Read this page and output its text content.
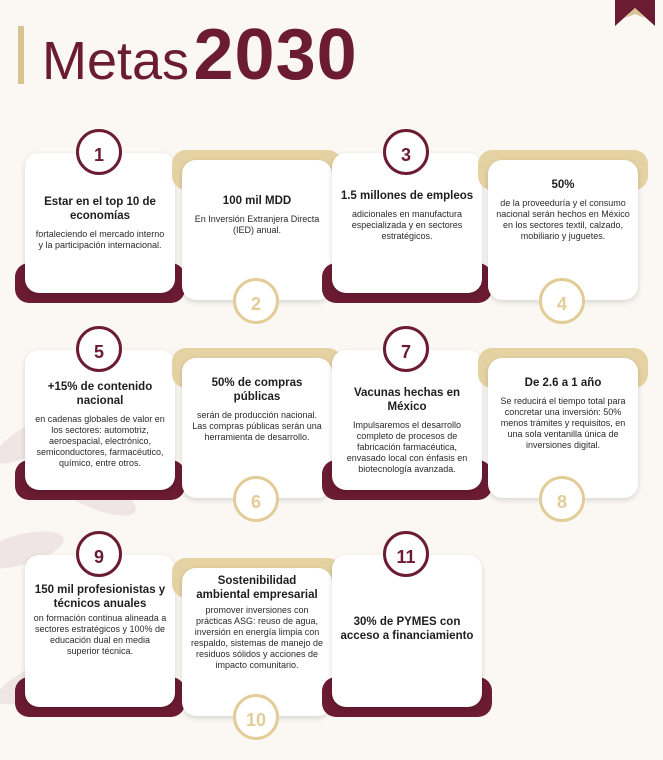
Metas 2030
1
Estar en el top 10 de economías
fortaleciendo el mercado interno y la participación internacional.
100 mil MDD
En Inversión Extranjera Directa (IED) anual.
2
3
1.5 millones de empleos
adicionales en manufactura especializada y en sectores estratégicos.
50%
de la proveeduría y el consumo nacional serán hechos en México en los sectores textil, calzado, mobiliario y juguetes.
4
5
+15% de contenido nacional
en cadenas globales de valor en los sectores: automotriz, aeroespacial, electrónico, semiconductores, farmacéutico, químico, entre otros.
50% de compras públicas
serán de producción nacional. Las compras públicas serán una herramienta de desarrollo.
6
7
Vacunas hechas en México
Impulsaremos el desarrollo completo de procesos de fabricación farmacéutica, envasado local con énfasis en biotecnología avanzada.
De 2.6 a 1 año
Se reducirá el tiempo total para concretar una inversión: 50% menos trámites y requisitos, en una sola ventanilla única de inversiones digital.
8
9
150 mil profesionistas y técnicos anuales
on formación continua alineada a sectores estratégicos y 100% de educación dual en media superior técnica.
Sostenibilidad ambiental empresarial
promover inversiones con prácticas ASG: reuso de agua, inversión en energía limpia con respaldo, sistemas de manejo de residuos sólidos y acciones de impacto comunitario.
10
11
30% de PYMES con acceso a financiamiento
